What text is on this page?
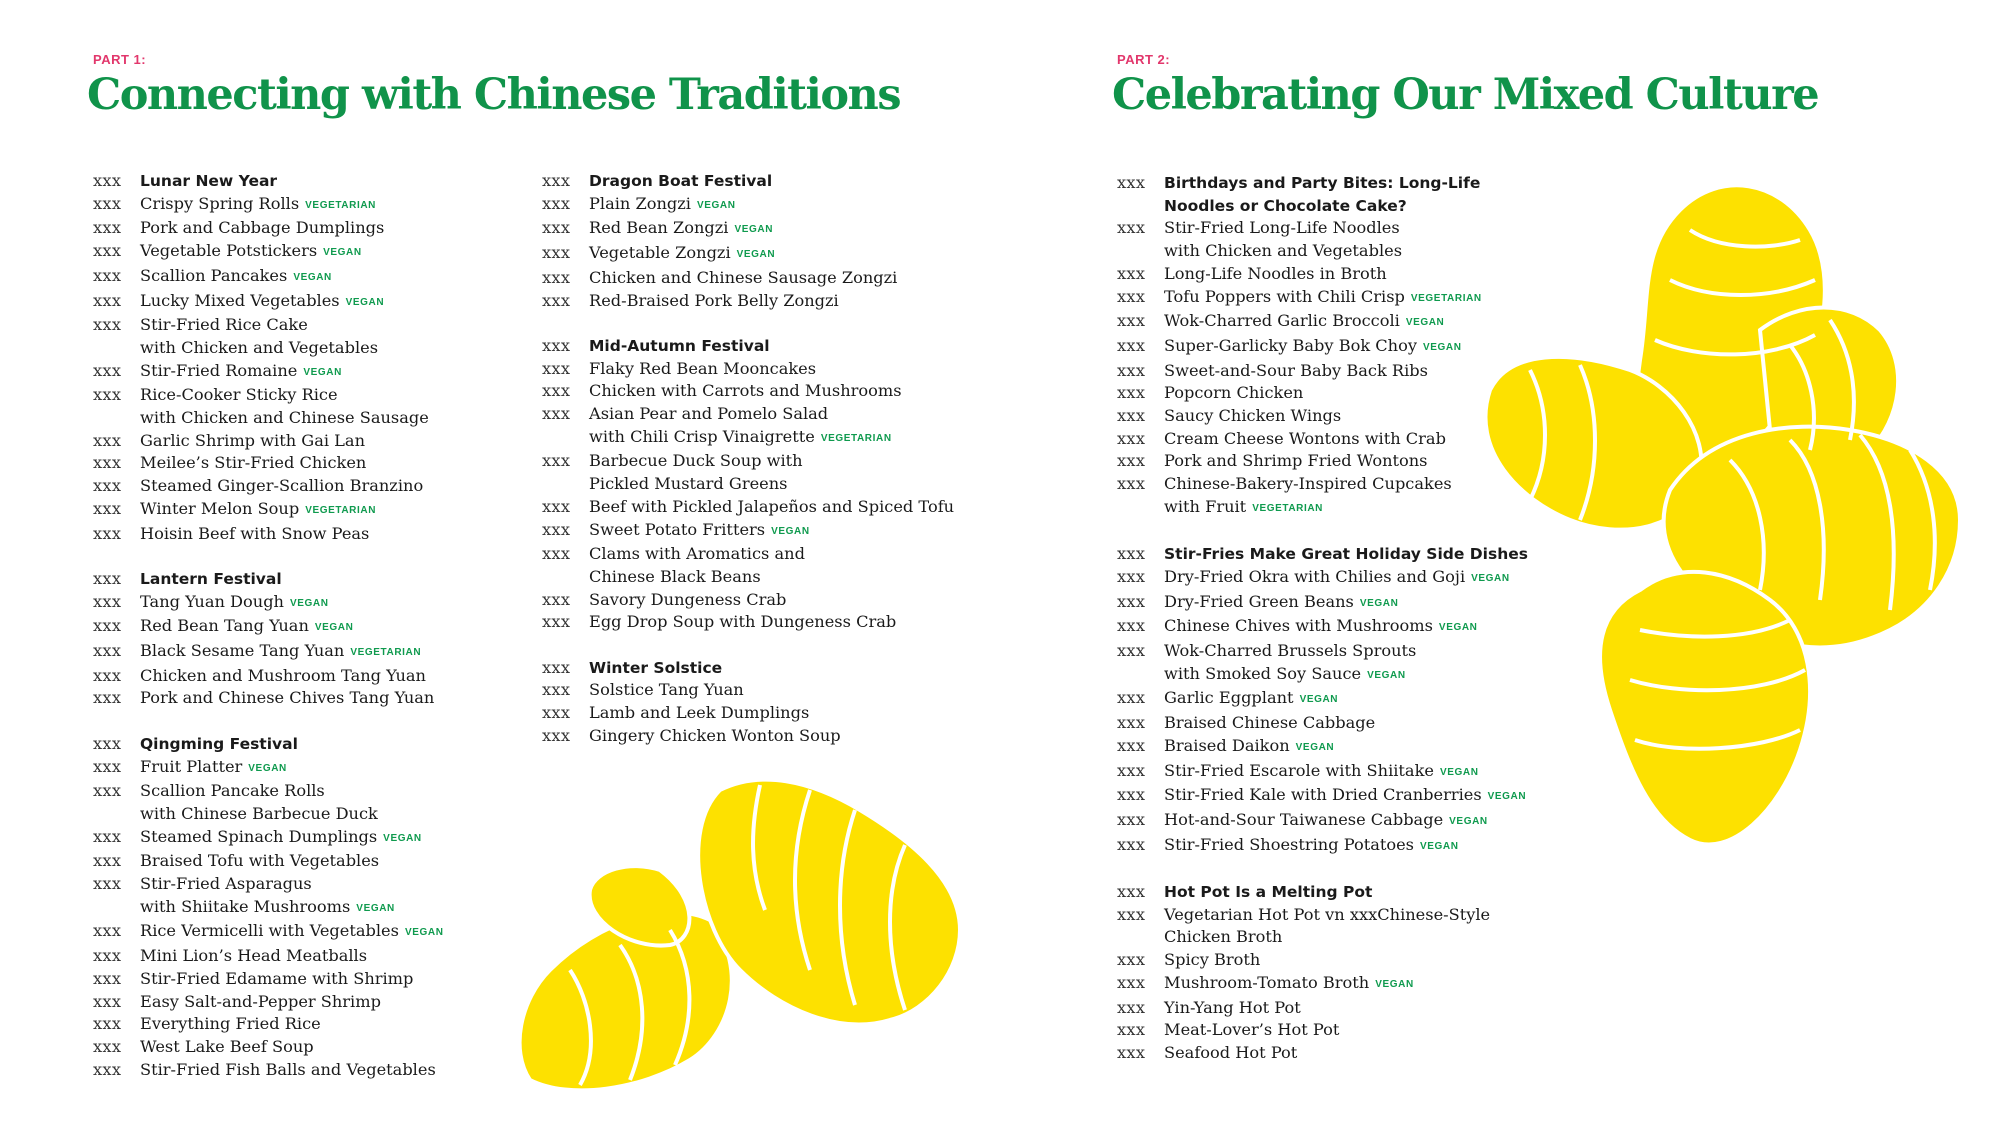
PART 1:
Connecting with Chinese Traditions
PART 2:
Celebrating Our Mixed Culture
xxx	Lunar New Year
xxx	Crispy Spring Rolls VEGETARIAN
xxx	Pork and Cabbage Dumplings
xxx	Vegetable Potstickers VEGAN
xxx	Scallion Pancakes VEGAN
xxx	Lucky Mixed Vegetables VEGAN
xxx	Stir-Fried Rice Cake
with Chicken and Vegetables
xxx	Stir-Fried Romaine VEGAN
xxx	Rice-Cooker Sticky Rice
with Chicken and Chinese Sausage
xxx	Garlic Shrimp with Gai Lan
xxx	Meilee’s Stir-Fried Chicken
xxx	Steamed Ginger-Scallion Branzino
xxx	Winter Melon Soup VEGETARIAN
xxx	Hoisin Beef with Snow Peas
xxx	Lantern Festival
xxx	Tang Yuan Dough VEGAN
xxx	Red Bean Tang Yuan VEGAN
xxx	Black Sesame Tang Yuan VEGETARIAN
xxx	Chicken and Mushroom Tang Yuan
xxx	Pork and Chinese Chives Tang Yuan
xxx	Qingming Festival
xxx	Fruit Platter VEGAN
xxx	Scallion Pancake Rolls
with Chinese Barbecue Duck
xxx	Steamed Spinach Dumplings VEGAN
xxx	Braised Tofu with Vegetables
xxx	Stir-Fried Asparagus
with Shiitake Mushrooms VEGAN
xxx	Rice Vermicelli with Vegetables VEGAN
xxx	Mini Lion’s Head Meatballs
xxx	Stir-Fried Edamame with Shrimp
xxx	Easy Salt-and-Pepper Shrimp
xxx	Everything Fried Rice
xxx	West Lake Beef Soup
xxx	Stir-Fried Fish Balls and Vegetables
xxx	Dragon Boat Festival
xxx	Plain Zongzi VEGAN
xxx	Red Bean Zongzi VEGAN
xxx	Vegetable Zongzi VEGAN
xxx	Chicken and Chinese Sausage Zongzi
xxx	Red-Braised Pork Belly Zongzi
xxx	Mid-Autumn Festival
xxx	Flaky Red Bean Mooncakes
xxx	Chicken with Carrots and Mushrooms
xxx	Asian Pear and Pomelo Salad
with Chili Crisp Vinaigrette VEGETARIAN
xxx	Barbecue Duck Soup with
Pickled Mustard Greens
xxx	Beef with Pickled Jalapeños and Spiced Tofu
xxx	Sweet Potato Fritters VEGAN
xxx	Clams with Aromatics and
Chinese Black Beans
xxx	Savory Dungeness Crab
xxx	Egg Drop Soup with Dungeness Crab
xxx	Winter Solstice
xxx	Solstice Tang Yuan
xxx	Lamb and Leek Dumplings
xxx	Gingery Chicken Wonton Soup
xxx	Birthdays and Party Bites: Long-Life
Noodles or Chocolate Cake?
xxx	Stir-Fried Long-Life Noodles
with Chicken and Vegetables
xxx	Long-Life Noodles in Broth
xxx	Tofu Poppers with Chili Crisp VEGETARIAN
xxx	Wok-Charred Garlic Broccoli VEGAN
xxx	Super-Garlicky Baby Bok Choy VEGAN
xxx	Sweet-and-Sour Baby Back Ribs
xxx	Popcorn Chicken
xxx	Saucy Chicken Wings
xxx	Cream Cheese Wontons with Crab
xxx	Pork and Shrimp Fried Wontons
xxx	Chinese-Bakery-Inspired Cupcakes
with Fruit VEGETARIAN
xxx	Stir-Fries Make Great Holiday Side Dishes
xxx	Dry-Fried Okra with Chilies and Goji VEGAN
xxx	Dry-Fried Green Beans VEGAN
xxx	Chinese Chives with Mushrooms VEGAN
xxx	Wok-Charred Brussels Sprouts
with Smoked Soy Sauce VEGAN
xxx	Garlic Eggplant VEGAN
xxx	Braised Chinese Cabbage
xxx	Braised Daikon VEGAN
xxx	Stir-Fried Escarole with Shiitake VEGAN
xxx	Stir-Fried Kale with Dried Cranberries VEGAN
xxx	Hot-and-Sour Taiwanese Cabbage VEGAN
xxx	Stir-Fried Shoestring Potatoes VEGAN
xxx	Hot Pot Is a Melting Pot
xxx	Vegetarian Hot Pot vn xxxChinese-Style
Chicken Broth
xxx	Spicy Broth
xxx	Mushroom-Tomato Broth VEGAN
xxx	Yin-Yang Hot Pot
xxx	Meat-Lover’s Hot Pot
xxx	Seafood Hot Pot
